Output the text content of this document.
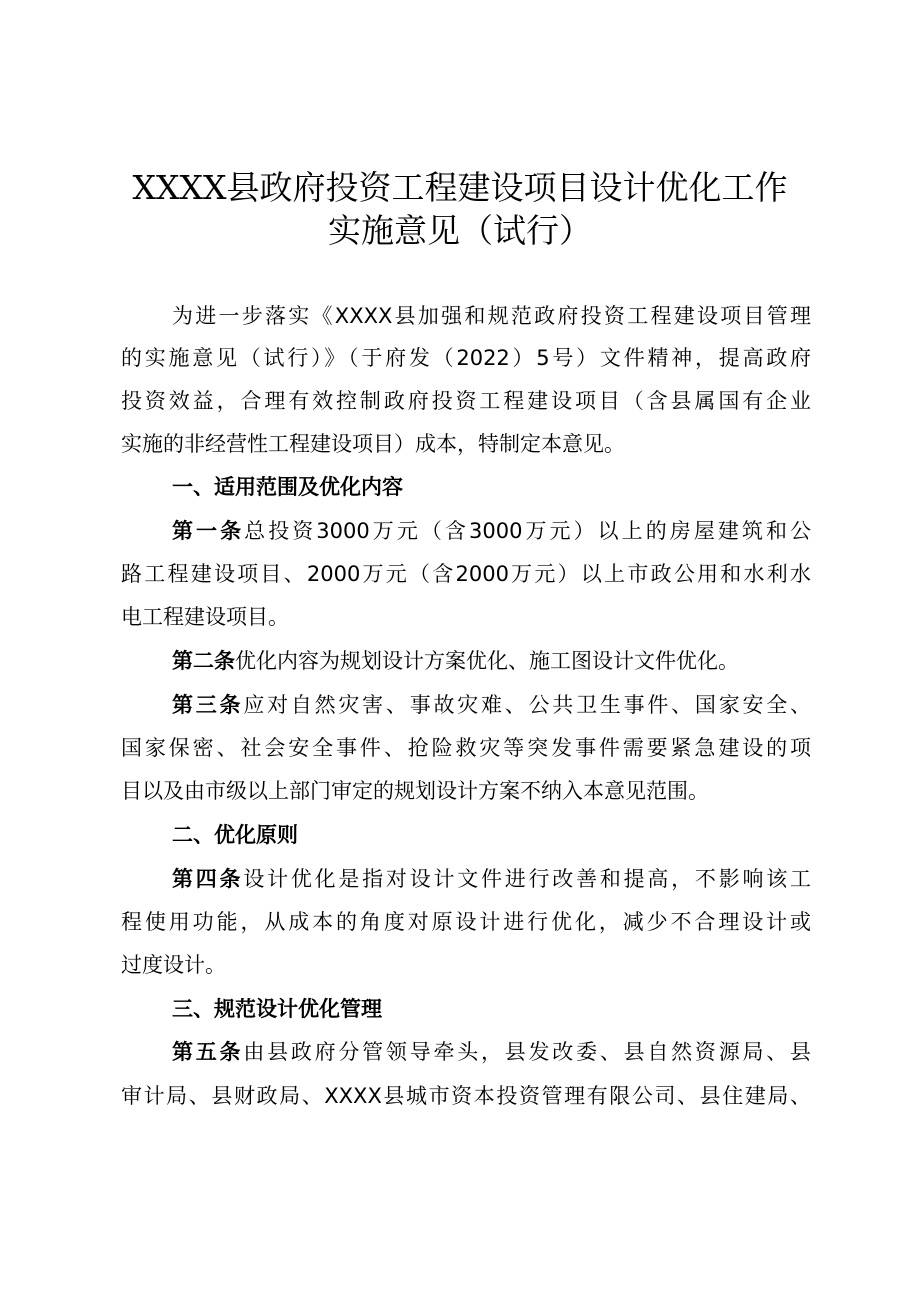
XXXX县政府投资工程建设项目设计优化工作
实施意见（试行）
为进一步落实《XXXX县加强和规范政府投资工程建设项目管理
的实施意见（试行）》（于府发（2022）5号）文件精神，提高政府
投资效益，合理有效控制政府投资工程建设项目（含县属国有企业
实施的非经营性工程建设项目）成本，特制定本意见。
一、适用范围及优化内容
第一条总投资3000万元（含3000万元）以上的房屋建筑和公
路工程建设项目、2000万元（含2000万元）以上市政公用和水利水
电工程建设项目。
第二条优化内容为规划设计方案优化、施工图设计文件优化。
第三条应对自然灾害、事故灾难、公共卫生事件、国家安全、
国家保密、社会安全事件、抢险救灾等突发事件需要紧急建设的项
目以及由市级以上部门审定的规划设计方案不纳入本意见范围。
二、优化原则
第四条设计优化是指对设计文件进行改善和提高，不影响该工
程使用功能，从成本的角度对原设计进行优化，减少不合理设计或
过度设计。
三、规范设计优化管理
第五条由县政府分管领导牵头，县发改委、县自然资源局、县
审计局、县财政局、XXXX县城市资本投资管理有限公司、县住建局、
